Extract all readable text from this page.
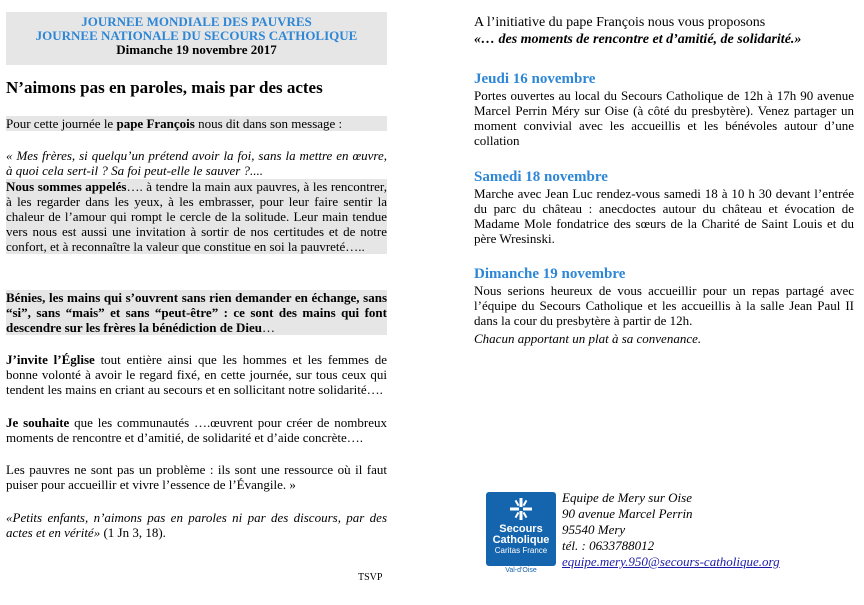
JOURNEE MONDIALE DES PAUVRES
JOURNEE NATIONALE DU SECOURS CATHOLIQUE
Dimanche 19 novembre 2017
N’aimons pas en paroles, mais par des actes
Pour cette journée le pape François nous dit dans son message :
« Mes frères, si quelqu’un prétend avoir la foi, sans la mettre en œuvre, à quoi cela sert-il ? Sa foi peut-elle le sauver ?....
Nous sommes appelés…. à tendre la main aux pauvres, à les rencontrer, à les regarder dans les yeux, à les embrasser, pour leur faire sentir la chaleur de l’amour qui rompt le cercle de la solitude. Leur main tendue vers nous est aussi une invitation à sortir de nos certitudes et de notre confort, et à reconnaître la valeur que constitue en soi la pauvreté…..
Bénies, les mains qui s’ouvrent sans rien demander en échange, sans “si”, sans “mais” et sans “peut-être” : ce sont des mains qui font descendre sur les frères la bénédiction de Dieu…
J’invite l’Église tout entière ainsi que les hommes et les femmes de bonne volonté à avoir le regard fixé, en cette journée, sur tous ceux qui tendent les mains en criant au secours et en sollicitant notre solidarité….
Je souhaite que les communautés ….œuvrent pour créer de nombreux moments de rencontre et d’amitié, de solidarité et d’aide concrète….
Les pauvres ne sont pas un problème : ils sont une ressource où il faut puiser pour accueillir et vivre l’essence de l’Évangile. »
«Petits enfants, n’aimons pas en paroles ni par des discours, par des actes et en vérité» (1 Jn 3, 18).
TSVP
A l’initiative du pape François nous vous proposons
«… des moments de rencontre et d’amitié, de solidarité.»
Jeudi 16 novembre
Portes ouvertes au local du Secours Catholique de 12h à 17h 90 avenue Marcel Perrin Méry sur Oise (à côté du presbytère). Venez partager un moment convivial avec les accueillis et les bénévoles autour d’une collation
Samedi 18 novembre
Marche avec Jean Luc rendez-vous samedi 18 à 10 h 30 devant l’entrée du parc du château : anecdoctes autour du château et évocation de Madame Mole fondatrice des sœurs de la Charité de Saint Louis et du père Wresinski.
Dimanche 19 novembre
Nous serions heureux de vous accueillir pour un repas partagé avec l’équipe du Secours Catholique et les accueillis à la salle Jean Paul II dans la cour du presbytère à partir de 12h.
Chacun apportant un plat à sa convenance.
Secours
Catholique
Caritas France
Val-d'Oise
Equipe de Mery sur Oise
90 avenue Marcel Perrin
95540 Mery
tél. : 0633788012
equipe.mery.950@secours-catholique.org
